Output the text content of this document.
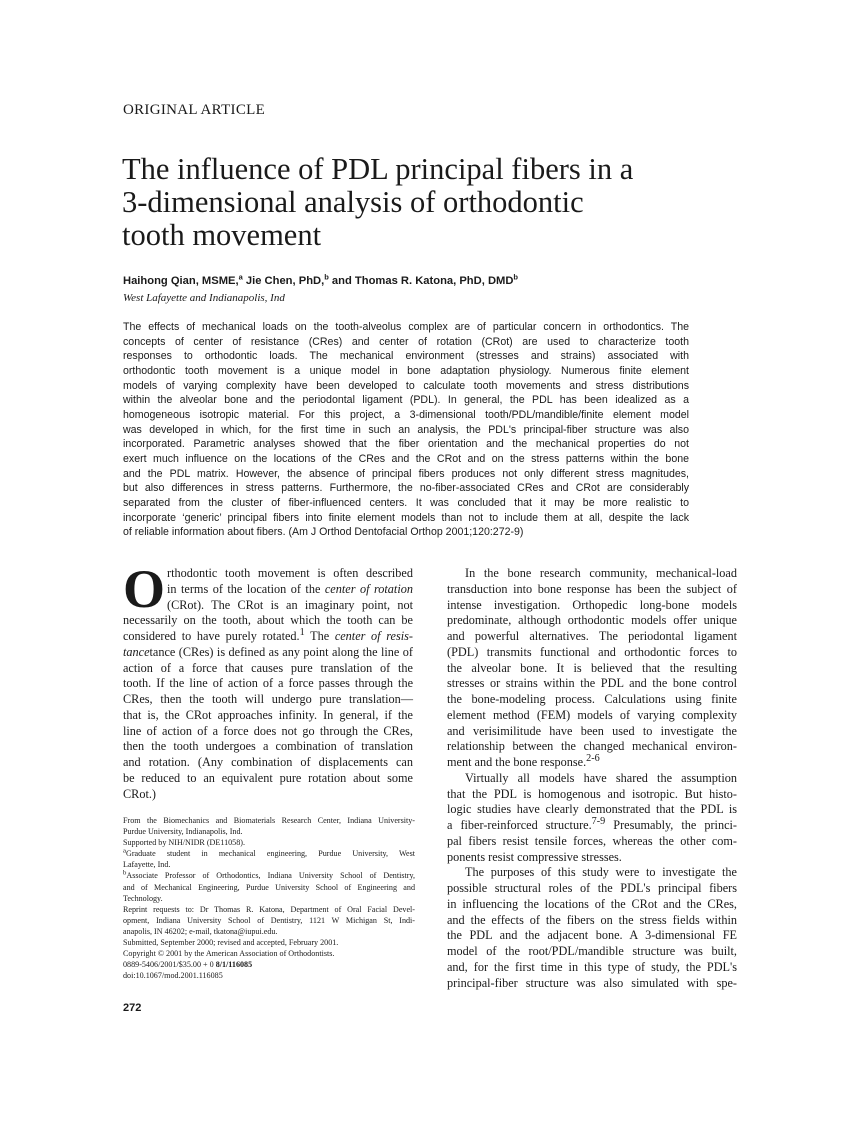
ORIGINAL ARTICLE
The influence of PDL principal fibers in a
3-dimensional analysis of orthodontic
tooth movement
Haihong Qian, MSME,$^a$ Jie Chen, PhD,$^b$ and Thomas R. Katona, PhD, DMD$^b$
West Lafayette and Indianapolis, Ind
The effects of mechanical loads on the tooth-alveolus complex are of particular concern in orthodontics. The
concepts of center of resistance (CRes) and center of rotation (CRot) are used to characterize tooth
responses to orthodontic loads. The mechanical environment (stresses and strains) associated with
orthodontic tooth movement is a unique model in bone adaptation physiology. Numerous finite element
models of varying complexity have been developed to calculate tooth movements and stress distributions
within the alveolar bone and the periodontal ligament (PDL). In general, the PDL has been idealized as a
homogeneous isotropic material. For this project, a 3-dimensional tooth/PDL/mandible/finite element model
was developed in which, for the first time in such an analysis, the PDL's principal-fiber structure was also
incorporated. Parametric analyses showed that the fiber orientation and the mechanical properties do not
exert much influence on the locations of the CRes and the CRot and on the stress patterns within the bone
and the PDL matrix. However, the absence of principal fibers produces not only different stress magnitudes,
but also differences in stress patterns. Furthermore, the no-fiber-associated CRes and CRot are considerably
separated from the cluster of fiber-influenced centers. It was concluded that it may be more realistic to
incorporate ‘generic’ principal fibers into finite element models than not to include them at all, despite the lack
of reliable information about fibers. (Am J Orthod Dentofacial Orthop 2001;120:272-9)
O rthodontic tooth movement is often described
in terms of the location of the center of rotation
(CRot). The CRot is an imaginary point, not
necessarily on the tooth, about which the tooth can be
considered to have purely rotated.$^1$ The center of resis-
tancetance (CRes) is defined as any point along the line of
action of a force that causes pure translation of the
tooth. If the line of action of a force passes through the
CRes, then the tooth will undergo pure translation—
that is, the CRot approaches infinity. In general, if the
line of action of a force does not go through the CRes,
then the tooth undergoes a combination of translation
and rotation. (Any combination of displacements can
be reduced to an equivalent pure rotation about some
CRot.)
From the Biomechanics and Biomaterials Research Center, Indiana University-
Purdue University, Indianapolis, Ind.
Supported by NIH/NIDR (DE11058).
$^a$Graduate student in mechanical engineering, Purdue University, West
Lafayette, Ind.
$^b$Associate Professor of Orthodontics, Indiana University School of Dentistry,
and of Mechanical Engineering, Purdue University School of Engineering and
Technology.
Reprint requests to: Dr Thomas R. Katona, Department of Oral Facial Devel-
opment, Indiana University School of Dentistry, 1121 W Michigan St, Indi-
anapolis, IN 46202; e-mail, tkatona@iupui.edu.
Submitted, September 2000; revised and accepted, February 2001.
Copyright © 2001 by the American Association of Orthodontists.
0889-5406/2001/$35.00 + 0 8/1/116085
doi:10.1067/mod.2001.116085
In the bone research community, mechanical-load
transduction into bone response has been the subject of
intense investigation. Orthopedic long-bone models
predominate, although orthodontic models offer unique
and powerful alternatives. The periodontal ligament
(PDL) transmits functional and orthodontic forces to
the alveolar bone. It is believed that the resulting
stresses or strains within the PDL and the bone control
the bone-modeling process. Calculations using finite
element method (FEM) models of varying complexity
and verisimilitude have been used to investigate the
relationship between the changed mechanical environ-
ment and the bone response.$^{2-6}$
Virtually all models have shared the assumption
that the PDL is homogenous and isotropic. But histo-
logic studies have clearly demonstrated that the PDL is
a fiber-reinforced structure.$^{7-9}$ Presumably, the princi-
pal fibers resist tensile forces, whereas the other com-
ponents resist compressive stresses.
The purposes of this study were to investigate the
possible structural roles of the PDL's principal fibers
in influencing the locations of the CRot and the CRes,
and the effects of the fibers on the stress fields within
the PDL and the adjacent bone. A 3-dimensional FE
model of the root/PDL/mandible structure was built,
and, for the first time in this type of study, the PDL's
principal-fiber structure was also simulated with spe-
272
